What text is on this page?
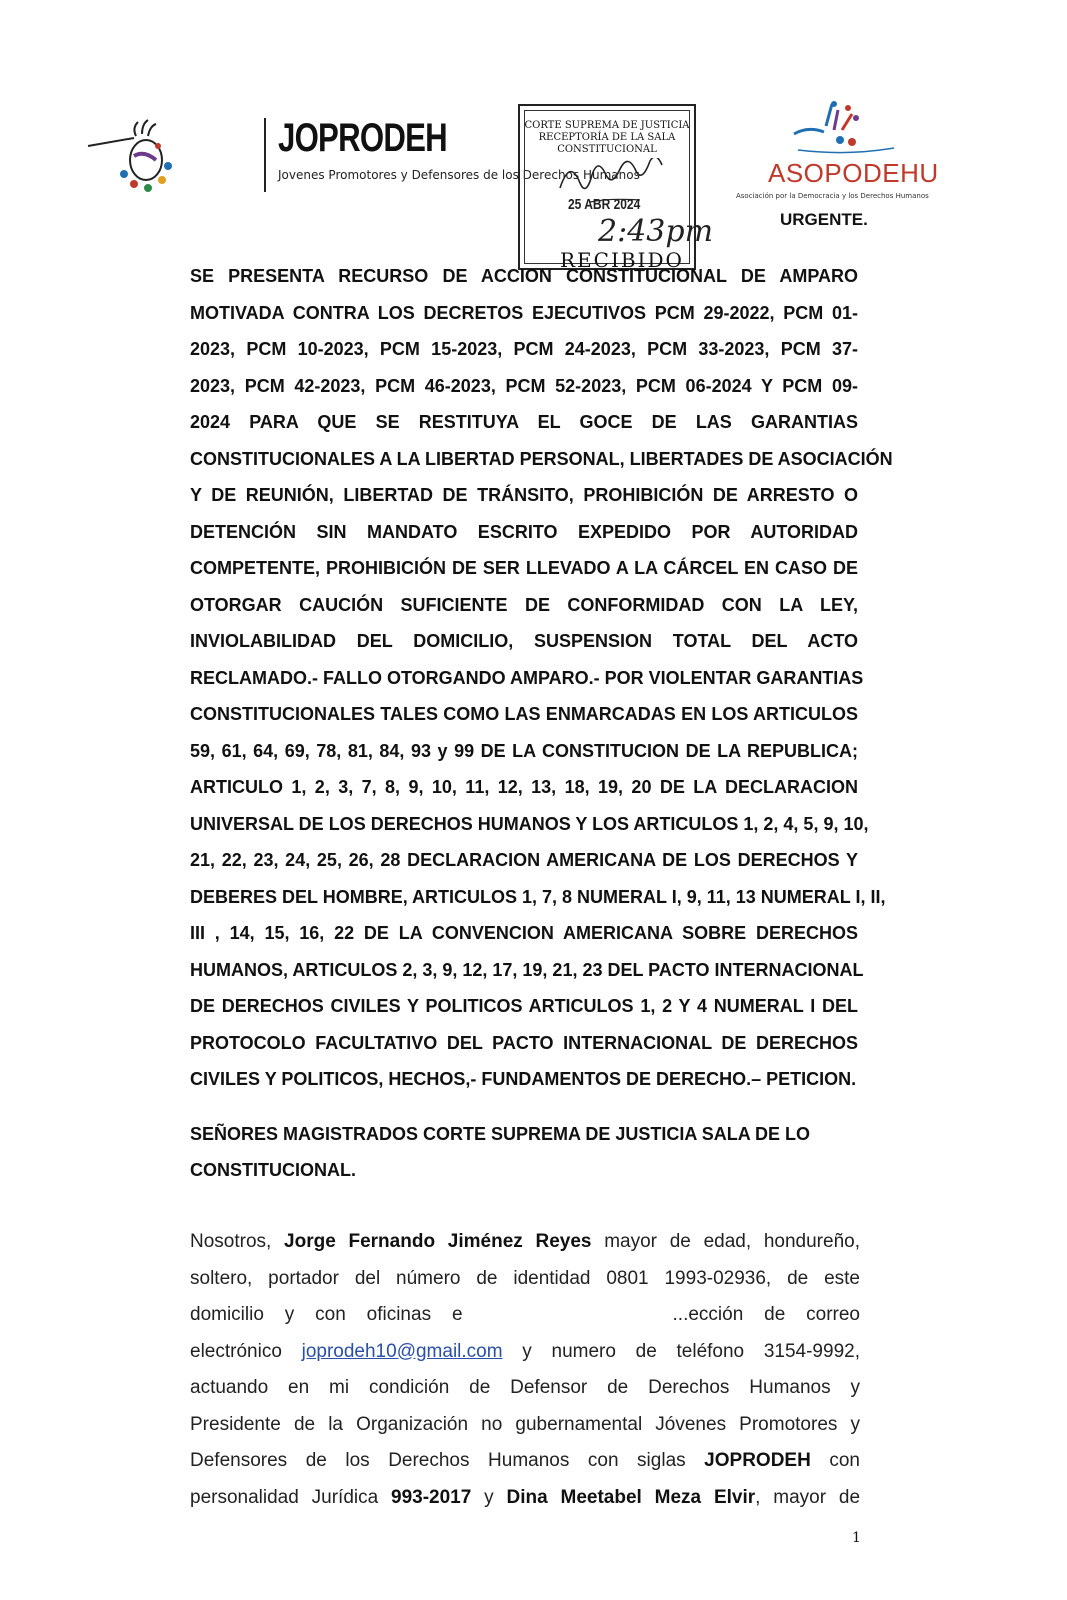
JOPRODEH
Jovenes Promotores y Defensores de los Derechos Humanos
CORTE SUPREMA DE JUSTICIA
RECEPTORÍA DE LA SALA
CONSTITUCIONAL
25 ABR 2024
2:43pm
RECIBIDO
ASOPODEHU
Asociación por la Democracia y los Derechos Humanos
URGENTE.
SE PRESENTA RECURSO DE ACCION CONSTITUCIONAL DE AMPARO
MOTIVADA CONTRA LOS DECRETOS EJECUTIVOS PCM 29-2022, PCM 01-
2023, PCM 10-2023, PCM 15-2023, PCM 24-2023, PCM 33-2023, PCM 37-
2023, PCM 42-2023, PCM 46-2023, PCM 52-2023, PCM 06-2024 Y PCM 09-
2024 PARA QUE SE RESTITUYA EL GOCE DE LAS GARANTIAS
CONSTITUCIONALES A LA LIBERTAD PERSONAL, LIBERTADES DE ASOCIACIÓN
Y DE REUNIÓN, LIBERTAD DE TRÁNSITO, PROHIBICIÓN DE ARRESTO O
DETENCIÓN SIN MANDATO ESCRITO EXPEDIDO POR AUTORIDAD
COMPETENTE, PROHIBICIÓN DE SER LLEVADO A LA CÁRCEL EN CASO DE
OTORGAR CAUCIÓN SUFICIENTE DE CONFORMIDAD CON LA LEY,
INVIOLABILIDAD DEL DOMICILIO, SUSPENSION TOTAL DEL ACTO
RECLAMADO.- FALLO OTORGANDO AMPARO.- POR VIOLENTAR GARANTIAS
CONSTITUCIONALES TALES COMO LAS ENMARCADAS EN LOS ARTICULOS
59, 61, 64, 69, 78, 81, 84, 93 y 99 DE LA CONSTITUCION DE LA REPUBLICA;
ARTICULO 1, 2, 3, 7, 8, 9, 10, 11, 12, 13, 18, 19, 20 DE LA DECLARACION
UNIVERSAL DE LOS DERECHOS HUMANOS Y LOS ARTICULOS 1, 2, 4, 5, 9, 10,
21, 22, 23, 24, 25, 26, 28 DECLARACION AMERICANA DE LOS DERECHOS Y
DEBERES DEL HOMBRE, ARTICULOS 1, 7, 8 NUMERAL I, 9, 11, 13 NUMERAL I, II,
III , 14, 15, 16, 22 DE LA CONVENCION AMERICANA SOBRE DERECHOS
HUMANOS, ARTICULOS 2, 3, 9, 12, 17, 19, 21, 23 DEL PACTO INTERNACIONAL
DE DERECHOS CIVILES Y POLITICOS ARTICULOS 1, 2 Y 4 NUMERAL I DEL
PROTOCOLO FACULTATIVO DEL PACTO INTERNACIONAL DE DERECHOS
CIVILES Y POLITICOS, HECHOS,- FUNDAMENTOS DE DERECHO.– PETICION.
SEÑORES MAGISTRADOS CORTE SUPREMA DE JUSTICIA SALA DE LO
CONSTITUCIONAL.
Nosotros, Jorge Fernando Jiménez Reyes mayor de edad, hondureño,
soltero, portador del número de identidad 0801 1993-02936, de este
domicilio y con oficinas e	...ección de correo
electrónico joprodeh10@gmail.com y numero de teléfono 3154-9992,
actuando en mi condición de Defensor de Derechos Humanos y
Presidente de la Organización no gubernamental Jóvenes Promotores y
Defensores de los Derechos Humanos con siglas JOPRODEH con
personalidad Jurídica 993-2017 y Dina Meetabel Meza Elvir, mayor de
1
